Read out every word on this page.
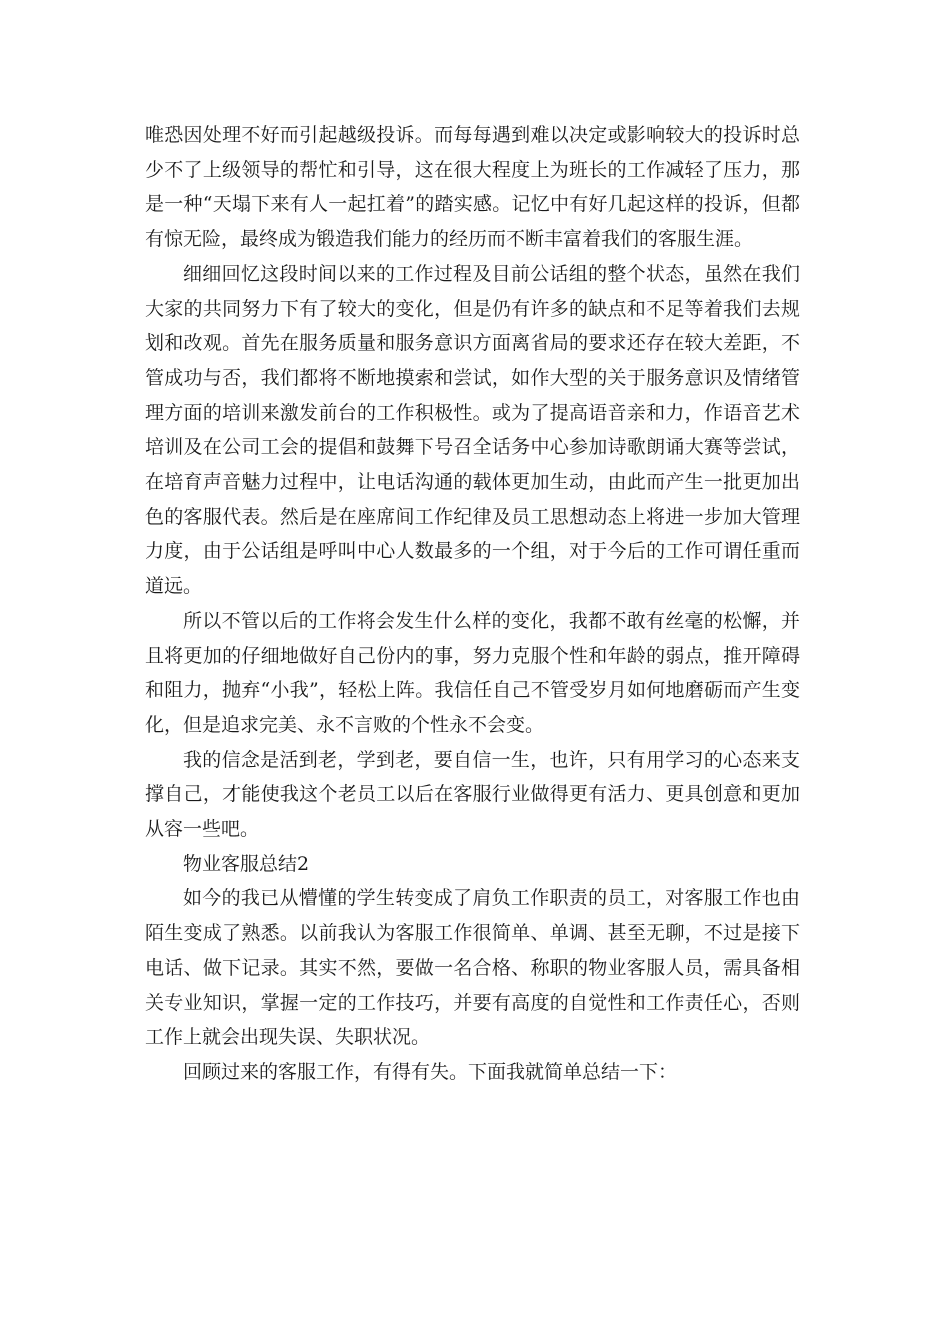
唯恐因处理不好而引起越级投诉。而每每遇到难以决定或影响较大的投诉时总少不了上级领导的帮忙和引导，这在很大程度上为班长的工作减轻了压力，那是一种“天塌下来有人一起扛着”的踏实感。记忆中有好几起这样的投诉，但都有惊无险，最终成为锻造我们能力的经历而不断丰富着我们的客服生涯。

细细回忆这段时间以来的工作过程及目前公话组的整个状态，虽然在我们大家的共同努力下有了较大的变化，但是仍有许多的缺点和不足等着我们去规划和改观。首先在服务质量和服务意识方面离省局的要求还存在较大差距，不管成功与否，我们都将不断地摸索和尝试，如作大型的关于服务意识及情绪管理方面的培训来激发前台的工作积极性。或为了提高语音亲和力，作语音艺术培训及在公司工会的提倡和鼓舞下号召全话务中心参加诗歌朗诵大赛等尝试，在培育声音魅力过程中，让电话沟通的载体更加生动，由此而产生一批更加出色的客服代表。然后是在座席间工作纪律及员工思想动态上将进一步加大管理力度，由于公话组是呼叫中心人数最多的一个组，对于今后的工作可谓任重而道远。

所以不管以后的工作将会发生什么样的变化，我都不敢有丝毫的松懈，并且将更加的仔细地做好自己份内的事，努力克服个性和年龄的弱点，推开障碍和阻力，抛弃“小我”，轻松上阵。我信任自己不管受岁月如何地磨砺而产生变化，但是追求完美、永不言败的个性永不会变。

我的信念是活到老，学到老，要自信一生，也许，只有用学习的心态来支撑自己，才能使我这个老员工以后在客服行业做得更有活力、更具创意和更加从容一些吧。

物业客服总结2

如今的我已从懵懂的学生转变成了肩负工作职责的员工，对客服工作也由陌生变成了熟悉。以前我认为客服工作很简单、单调、甚至无聊，不过是接下电话、做下记录。其实不然，要做一名合格、称职的物业客服人员，需具备相关专业知识，掌握一定的工作技巧，并要有高度的自觉性和工作责任心，否则工作上就会出现失误、失职状况。

回顾过来的客服工作，有得有失。下面我就简单总结一下：
